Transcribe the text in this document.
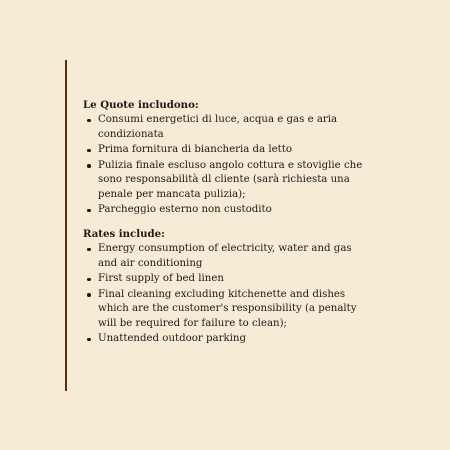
Le Quote includono:
Consumi energetici di luce, acqua e gas e aria condizionata
Prima fornitura di biancheria da letto
Pulizia finale escluso angolo cottura e stoviglie che sono responsabilità dl cliente (sarà richiesta una penale per mancata pulizia);
Parcheggio esterno non custodito
Rates include:
Energy consumption of electricity, water and gas and air conditioning
First supply of bed linen
Final cleaning excluding kitchenette and dishes which are the customer's responsibility (a penalty will be required for failure to clean);
Unattended outdoor parking
